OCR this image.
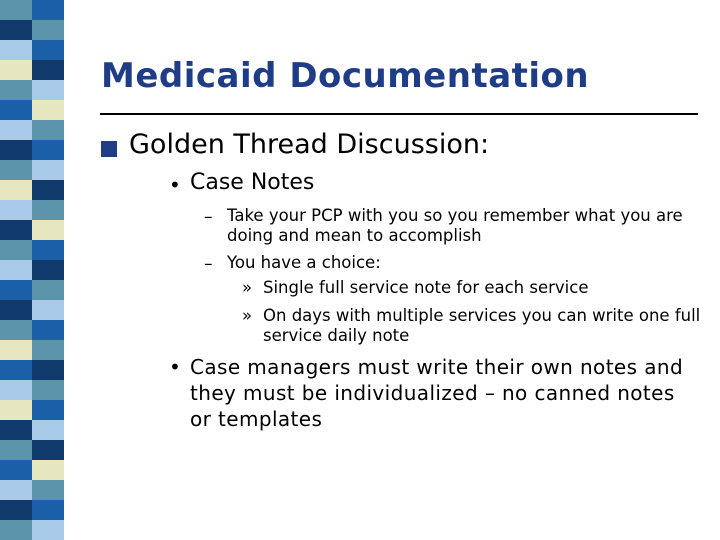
Medicaid Documentation
Golden Thread Discussion:
• Case Notes
– Take your PCP with you so you remember what you are doing and mean to accomplish
– You have a choice:
» Single full service note for each service
» On days with multiple services you can write one full service daily note
• Case managers must write their own notes and they must be individualized – no canned notes or templates
